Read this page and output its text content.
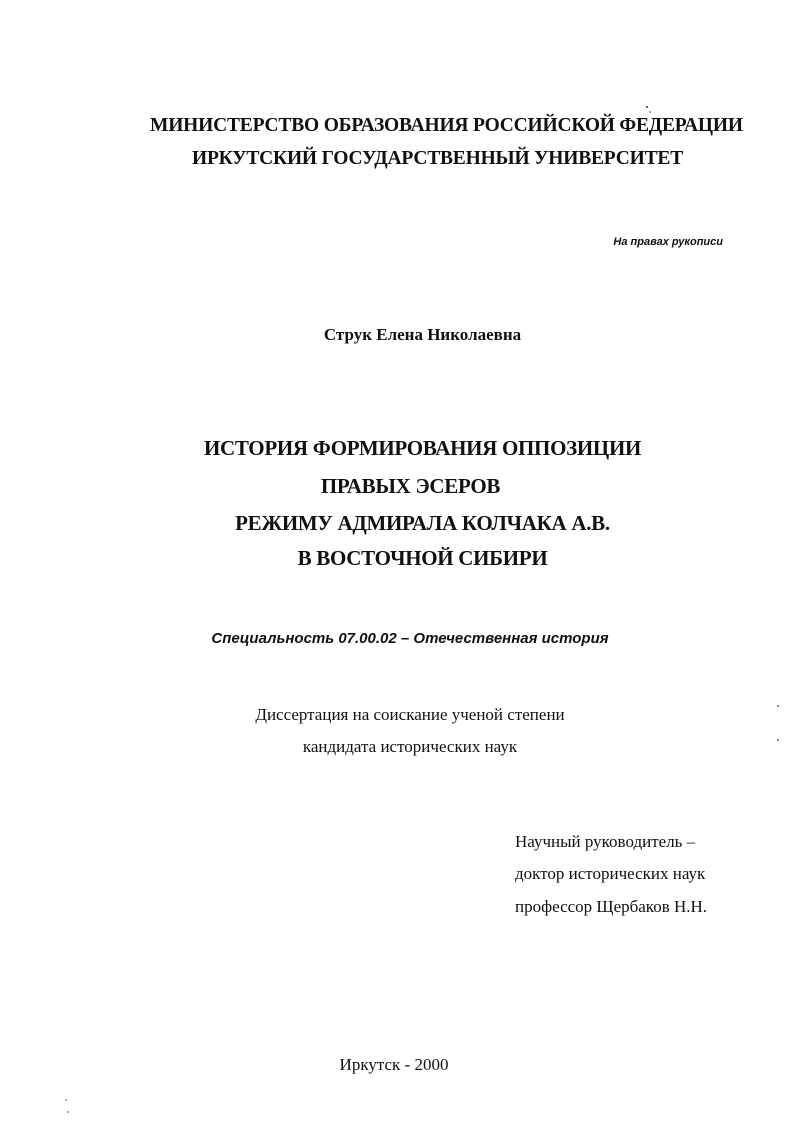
МИНИСТЕРСТВО ОБРАЗОВАНИЯ РОССИЙСКОЙ ФЕДЕРАЦИИ
ИРКУТСКИЙ ГОСУДАРСТВЕННЫЙ УНИВЕРСИТЕТ
На правах рукописи
Струк Елена Николаевна
ИСТОРИЯ ФОРМИРОВАНИЯ ОППОЗИЦИИ
ПРАВЫХ ЭСЕРОВ
РЕЖИМУ АДМИРАЛА КОЛЧАКА А.В.
В ВОСТОЧНОЙ СИБИРИ
Специальность 07.00.02 – Отечественная история
Диссертация на соискание ученой степени
кандидата исторических наук
Научный руководитель –
доктор исторических наук
профессор Щербаков Н.Н.
Иркутск - 2000
